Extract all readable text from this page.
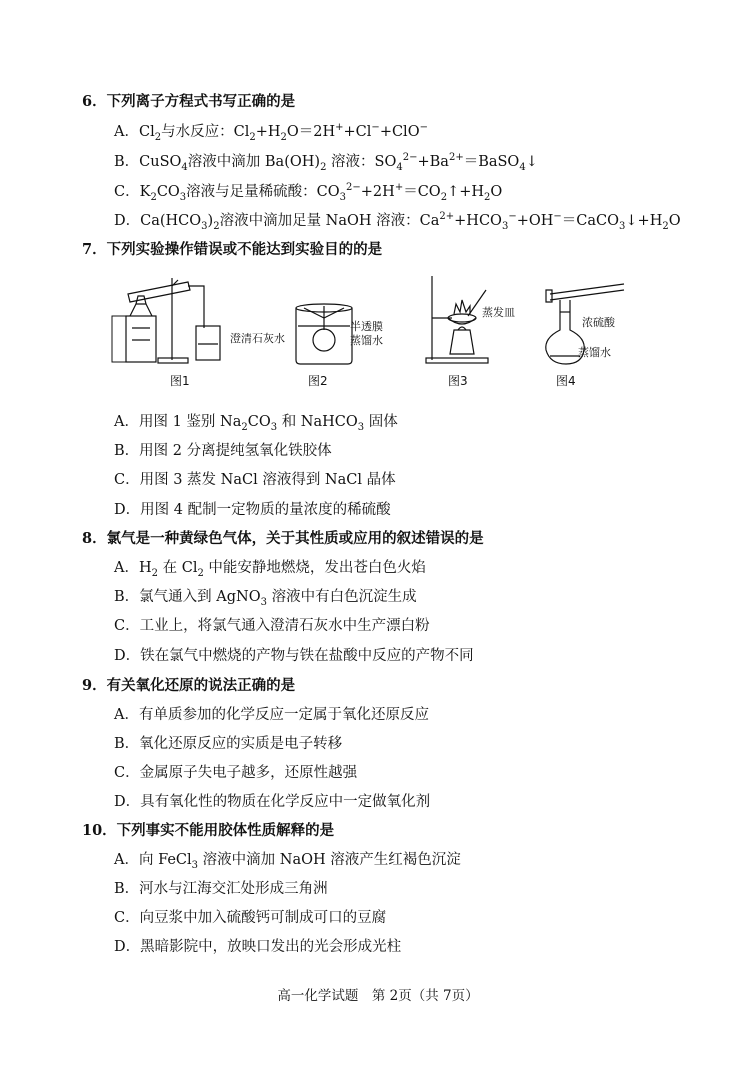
6．下列离子方程式书写正确的是
A．$Cl_2$与水反应：$Cl_2+H_2O=2H^++Cl^-+ClO^-$
B．CuSO$_4$溶液中滴加 $Ba(OH)_2$ 溶液：$SO_4^{2-}+Ba^{2+}=BaSO_4↓$
C．$K_2CO_3$溶液与足量稀硫酸：$CO_3^{2-}+2H^+=CO_2↑+H_2O$
D．$Ca(HCO_3)_2$溶液中滴加足量 NaOH 溶液：$Ca^{2+}+HCO_3^-+OH^-=CaCO_3↓+H_2O$
7．下列实验操作错误或不能达到实验目的的是
澄清石灰水
图1
半透膜
蒸馏水
图2
蒸发皿
图3
浓硫酸
蒸馏水
图4
A．用图 1 鉴别 $Na_2CO_3$ 和 NaHCO$_3$ 固体
B．用图 2 分离提纯氢氧化铁胶体
C．用图 3 蒸发 NaCl 溶液得到 NaCl 晶体
D．用图 4 配制一定物质的量浓度的稀硫酸
8．氯气是一种黄绿色气体，关于其性质或应用的叙述错误的是
A．$H_2$ 在 $Cl_2$ 中能安静地燃烧，发出苍白色火焰
B．氯气通入到 AgNO$_3$ 溶液中有白色沉淀生成
C．工业上，将氯气通入澄清石灰水中生产漂白粉
D．铁在氯气中燃烧的产物与铁在盐酸中反应的产物不同
9．有关氧化还原的说法正确的是
A．有单质参加的化学反应一定属于氧化还原反应
B．氧化还原反应的实质是电子转移
C．金属原子失电子越多，还原性越强
D．具有氧化性的物质在化学反应中一定做氧化剂
10．下列事实不能用胶体性质解释的是
A．向 FeCl$_3$ 溶液中滴加 NaOH 溶液产生红褐色沉淀
B．河水与江海交汇处形成三角洲
C．向豆浆中加入硫酸钙可制成可口的豆腐
D．黑暗影院中，放映口发出的光会形成光柱
高一化学试题　第 2页（共 7页）
